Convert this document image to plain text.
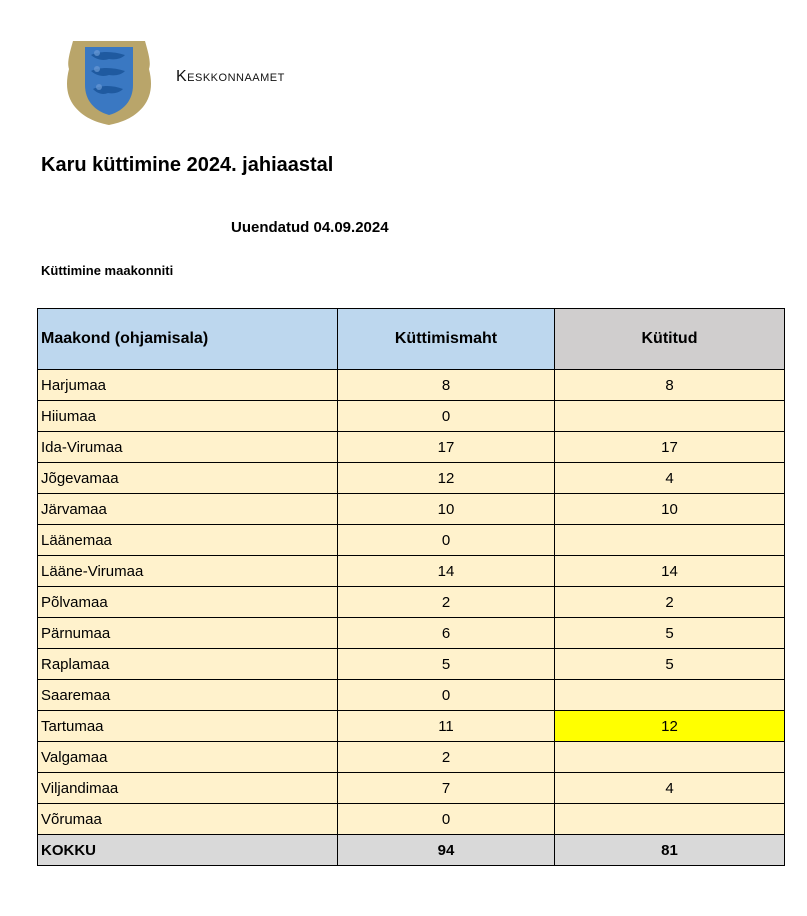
Keskkonnaamet
Karu küttimine 2024. jahiaastal
Uuendatud 04.09.2024
Küttimine maakonniti
Maakond (ohjamisala)	Küttimismaht	Kütitud
Harjumaa	8	8
Hiiumaa	0	
Ida-Virumaa	17	17
Jõgevamaa	12	4
Järvamaa	10	10
Läänemaa	0	
Lääne-Virumaa	14	14
Põlvamaa	2	2
Pärnumaa	6	5
Raplamaa	5	5
Saaremaa	0	
Tartumaa	11	12
Valgamaa	2	
Viljandimaa	7	4
Võrumaa	0	
KOKKU	94	81
